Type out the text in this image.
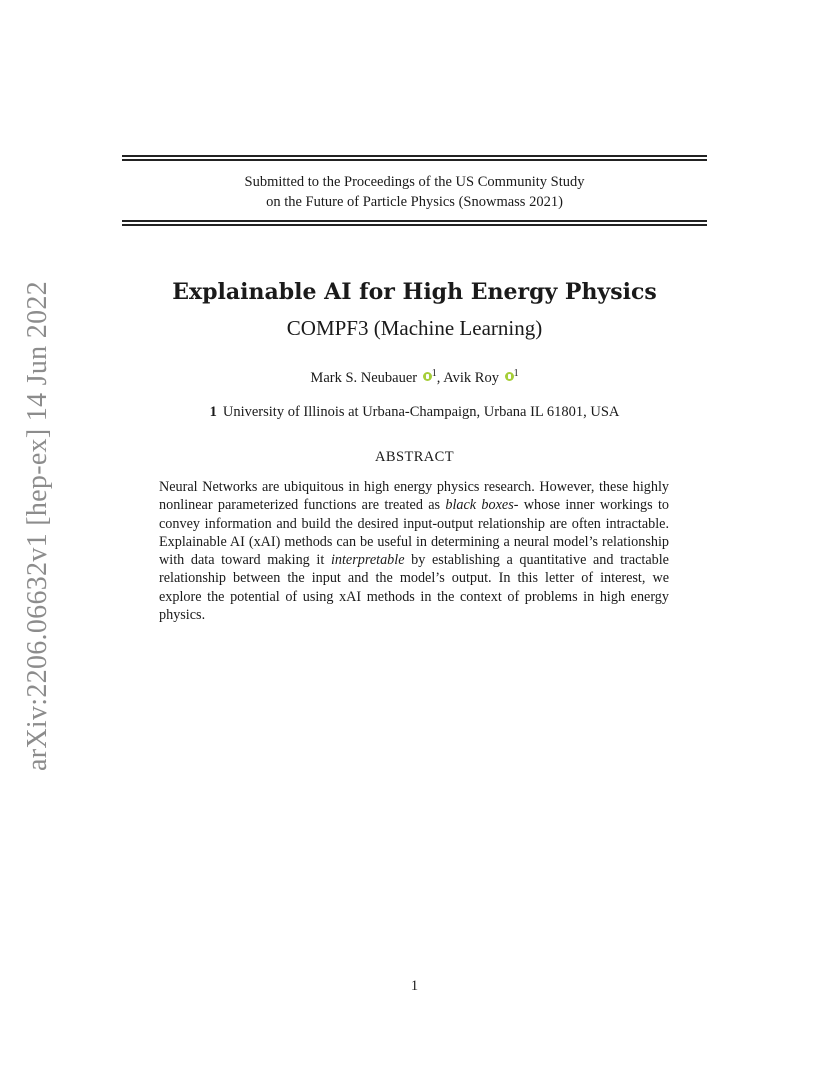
Submitted to the Proceedings of the US Community Study
on the Future of Particle Physics (Snowmass 2021)
arXiv:2206.06632v1 [hep-ex] 14 Jun 2022	Explainable AI for High Energy Physics
COMPF3 (Machine Learning)
Mark S. Neubauer $^1$, Avik Roy $^1$
1 University of Illinois at Urbana-Champaign, Urbana IL 61801, USA
ABSTRACT
Neural Networks are ubiquitous in high energy physics research. However, these highly nonlinear parameterized functions are treated as black boxes- whose inner workings to convey information and build the desired input-output relationship are often intractable. Explainable AI (xAI) methods can be useful in determining a neural model’s relationship with data toward making it interpretable by establishing a quantitative and tractable relationship between the input and the model’s output. In this letter of interest, we explore the potential of using xAI methods in the context of problems in high energy physics.
1
